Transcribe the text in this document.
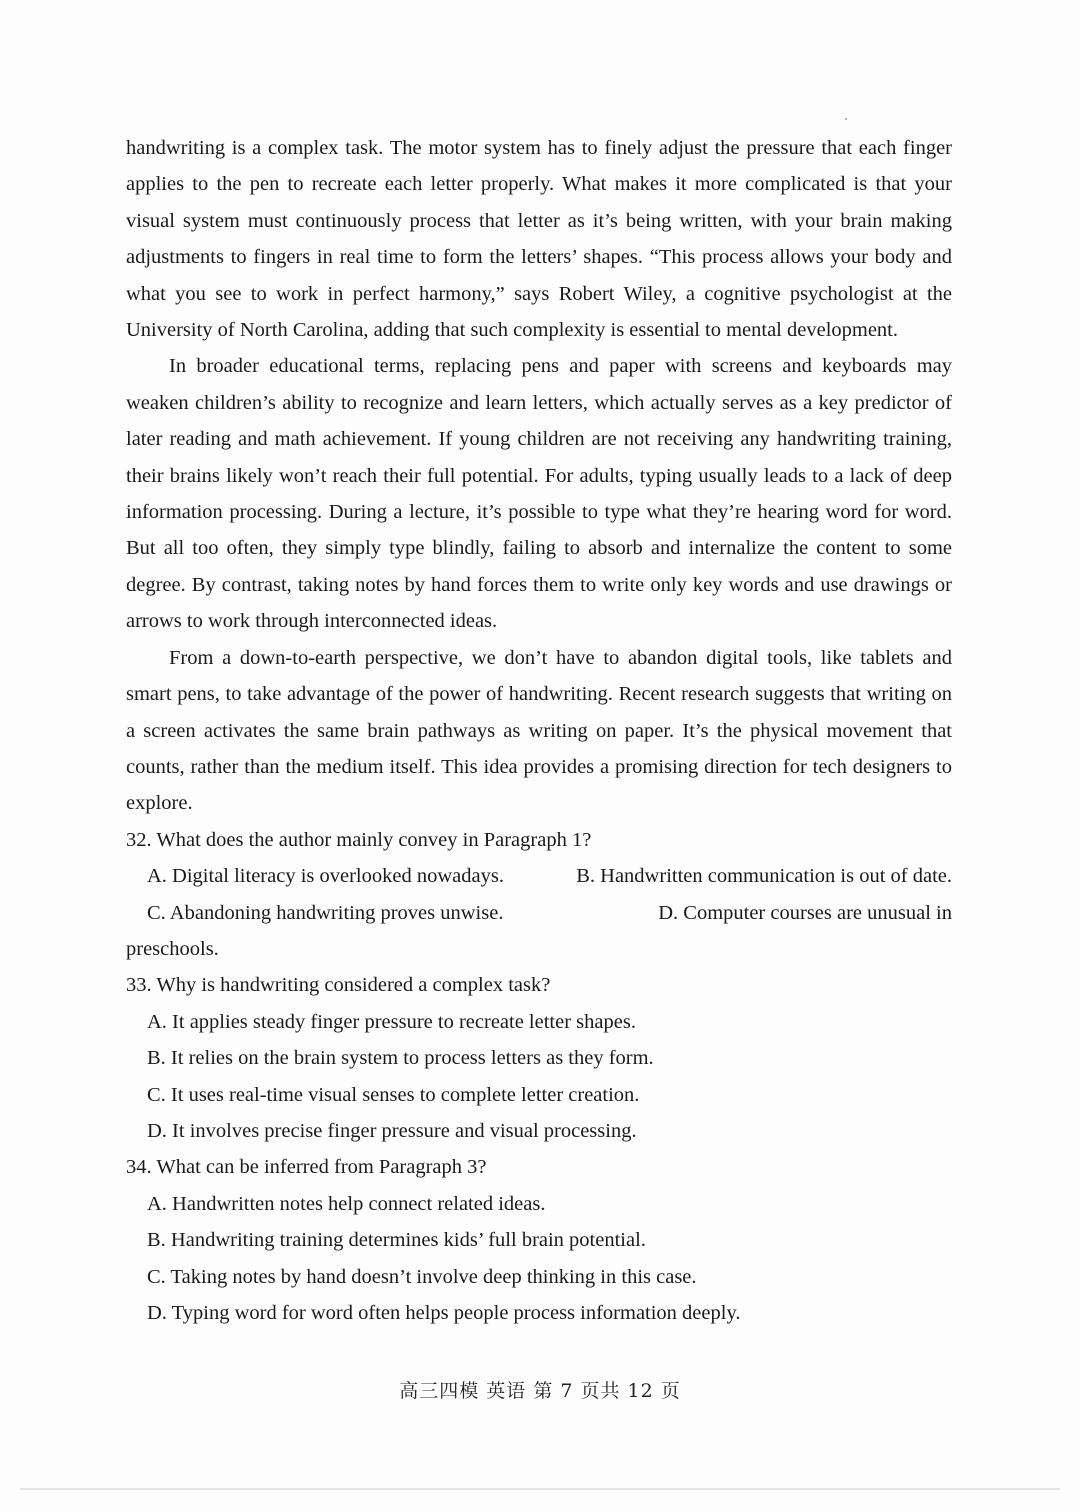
handwriting is a complex task. The motor system has to finely adjust the pressure that each finger applies to the pen to recreate each letter properly. What makes it more complicated is that your visual system must continuously process that letter as it’s being written, with your brain making adjustments to fingers in real time to form the letters’ shapes. “This process allows your body and what you see to work in perfect harmony,” says Robert Wiley, a cognitive psychologist at the University of North Carolina, adding that such complexity is essential to mental development.

In broader educational terms, replacing pens and paper with screens and keyboards may weaken children’s ability to recognize and learn letters, which actually serves as a key predictor of later reading and math achievement. If young children are not receiving any handwriting training, their brains likely won’t reach their full potential. For adults, typing usually leads to a lack of deep information processing. During a lecture, it’s possible to type what they’re hearing word for word. But all too often, they simply type blindly, failing to absorb and internalize the content to some degree. By contrast, taking notes by hand forces them to write only key words and use drawings or arrows to work through interconnected ideas.

From a down-to-earth perspective, we don’t have to abandon digital tools, like tablets and smart pens, to take advantage of the power of handwriting. Recent research suggests that writing on a screen activates the same brain pathways as writing on paper. It’s the physical movement that counts, rather than the medium itself. This idea provides a promising direction for tech designers to explore.

32. What does the author mainly convey in Paragraph 1?

A. Digital literacy is overlooked nowadays.	B. Handwritten communication is out of date.
C. Abandoning handwriting proves unwise.	D. Computer courses are unusual in

preschools.

33. Why is handwriting considered a complex task?

A. It applies steady finger pressure to recreate letter shapes.

B. It relies on the brain system to process letters as they form.

C. It uses real-time visual senses to complete letter creation.

D. It involves precise finger pressure and visual processing.

34. What can be inferred from Paragraph 3?

A. Handwritten notes help connect related ideas.

B. Handwriting training determines kids’ full brain potential.

C. Taking notes by hand doesn’t involve deep thinking in this case.

D. Typing word for word often helps people process information deeply.

高三四模 英语 第 7 页共 12 页
